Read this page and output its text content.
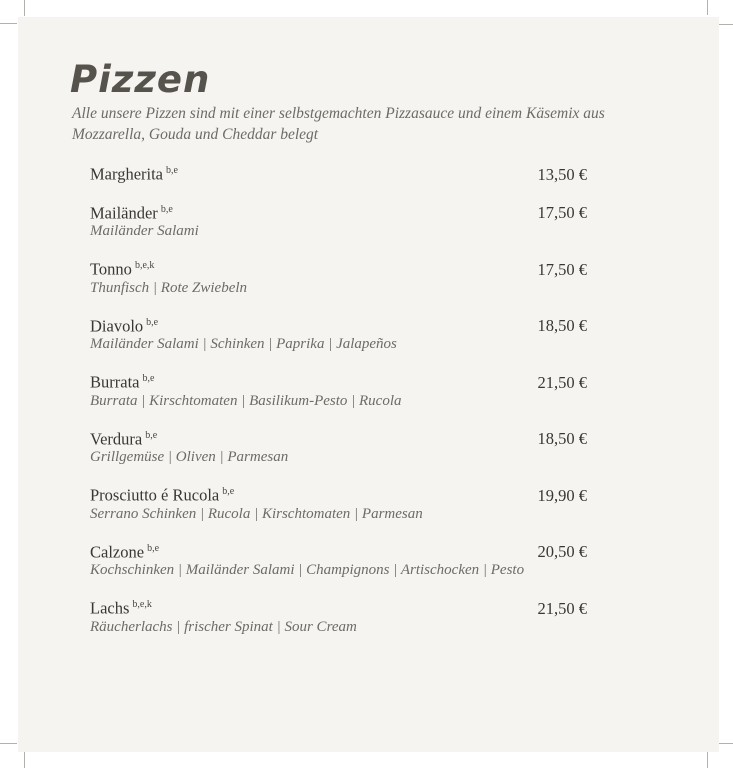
Pizzen
Alle unsere Pizzen sind mit einer selbstgemachten Pizzasauce und einem Käsemix aus
Mozzarella, Gouda und Cheddar belegt
Margherita $^{b,e}$	13,50 €
Mailänder $^{b,e}$	17,50 €
Mailänder Salami
Tonno $^{b,e,k}$	17,50 €
Thunfisch | Rote Zwiebeln
Diavolo $^{b,e}$	18,50 €
Mailänder Salami | Schinken | Paprika | Jalapeños
Burrata $^{b,e}$	21,50 €
Burrata | Kirschtomaten | Basilikum-Pesto | Rucola
Verdura $^{b,e}$	18,50 €
Grillgemüse | Oliven | Parmesan
Prosciutto é Rucola $^{b,e}$	19,90 €
Serrano Schinken | Rucola | Kirschtomaten | Parmesan
Calzone $^{b,e}$	20,50 €
Kochschinken | Mailänder Salami | Champignons | Artischocken | Pesto
Lachs $^{b,e,k}$	21,50 €
Räucherlachs | frischer Spinat | Sour Cream
